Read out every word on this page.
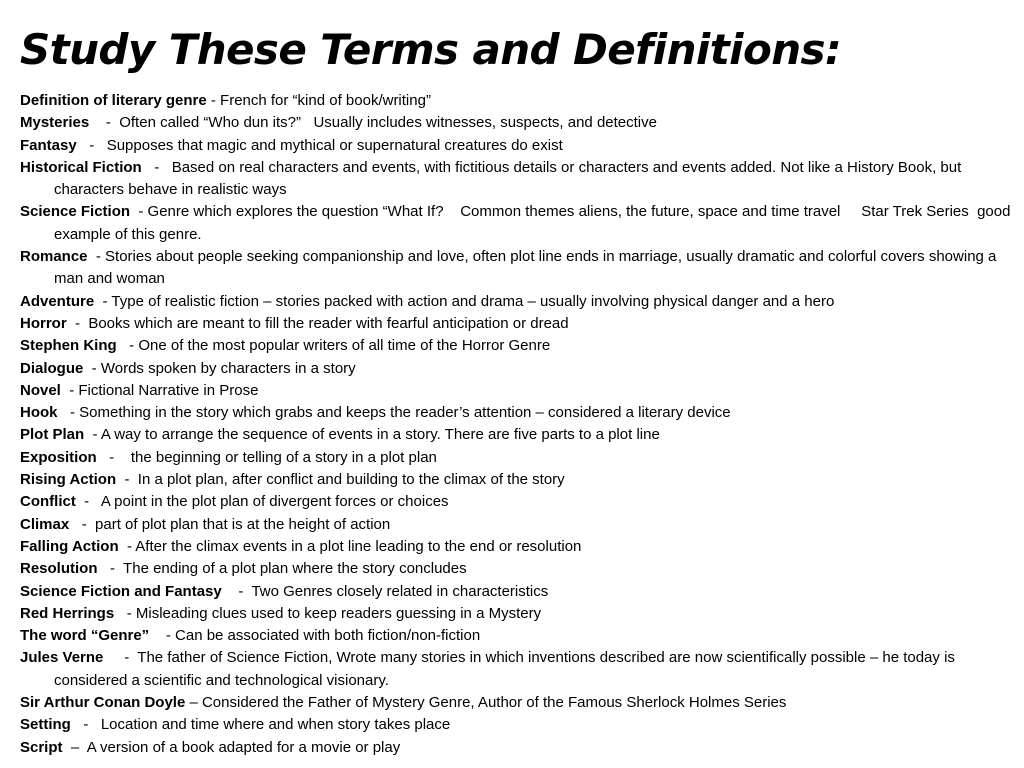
Study These Terms and Definitions:
Definition of literary genre - French for “kind of book/writing”
Mysteries    -  Often called “Who dun its?”   Usually includes witnesses, suspects, and detective
Fantasy   -   Supposes that magic and mythical or supernatural creatures do exist
Historical Fiction   -   Based on real characters and events, with fictitious details or characters and events added. Not like a History Book, but characters behave in realistic ways
Science Fiction  - Genre which explores the question “What If?    Common themes aliens, the future, space and time travel     Star Trek Series  good example of this genre.
Romance  - Stories about people seeking companionship and love, often plot line ends in marriage, usually dramatic and colorful covers showing a man and woman
Adventure  - Type of realistic fiction – stories packed with action and drama – usually involving physical danger and a hero
Horror  -  Books which are meant to fill the reader with fearful anticipation or dread
Stephen King   - One of the most popular writers of all time of the Horror Genre
Dialogue  - Words spoken by characters in a story
Novel  - Fictional Narrative in Prose
Hook   - Something in the story which grabs and keeps the reader’s attention – considered a literary device
Plot Plan  - A way to arrange the sequence of events in a story. There are five parts to a plot line
Exposition   -    the beginning or telling of a story in a plot plan
Rising Action  -  In a plot plan, after conflict and building to the climax of the story
Conflict  -   A point in the plot plan of divergent forces or choices
Climax   -  part of plot plan that is at the height of action
Falling Action  - After the climax events in a plot line leading to the end or resolution
Resolution   -  The ending of a plot plan where the story concludes
Science Fiction and Fantasy    -  Two Genres closely related in characteristics
Red Herrings   - Misleading clues used to keep readers guessing in a Mystery
The word “Genre”    - Can be associated with both fiction/non-fiction
Jules Verne     -  The father of Science Fiction, Wrote many stories in which inventions described are now scientifically possible – he today is considered a scientific and technological visionary.
Sir Arthur Conan Doyle – Considered the Father of Mystery Genre, Author of the Famous Sherlock Holmes Series
Setting   -   Location and time where and when story takes place
Script  –  A version of a book adapted for a movie or play
